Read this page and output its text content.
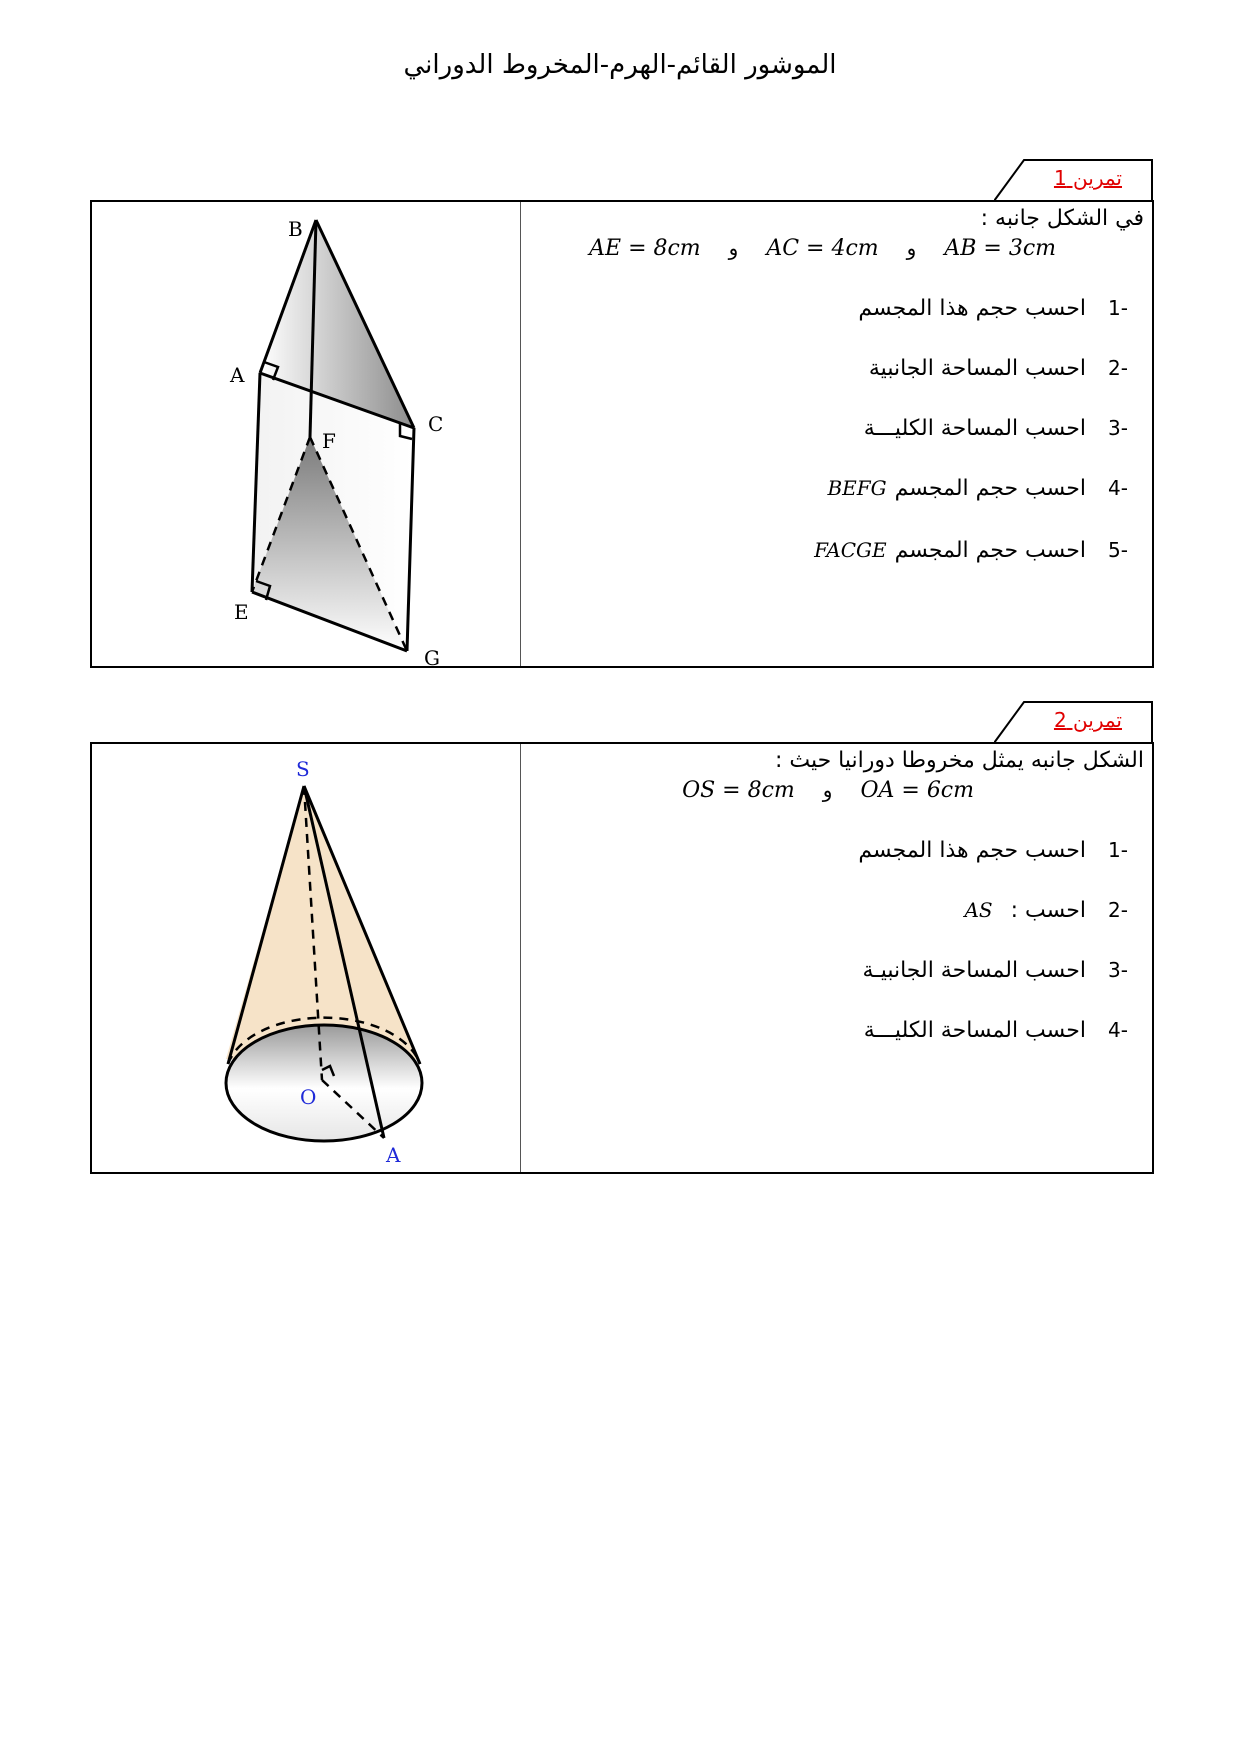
الموشور القائم-الهرم-المخروط الدوراني
تمرين 1
B
A
C
F
E
G
في الشكل جانبه :
AB = 3cmوAC = 4cmوAE = 8cm
-1احسب حجم هذا المجسم
-2احسب المساحة الجانبية
-3احسب المساحة الكليـــة
-4احسب حجم المجسمBEFG
-5احسب حجم المجسمFACGE
تمرين 2
S
O
A
الشكل جانبه يمثل مخروطا دورانيا حيث :
OA = 6cmوOS = 8cm
-1احسب حجم هذا المجسم
-2احسب :AS
-3احسب المساحة الجانبيـة
-4احسب المساحة الكليـــة
